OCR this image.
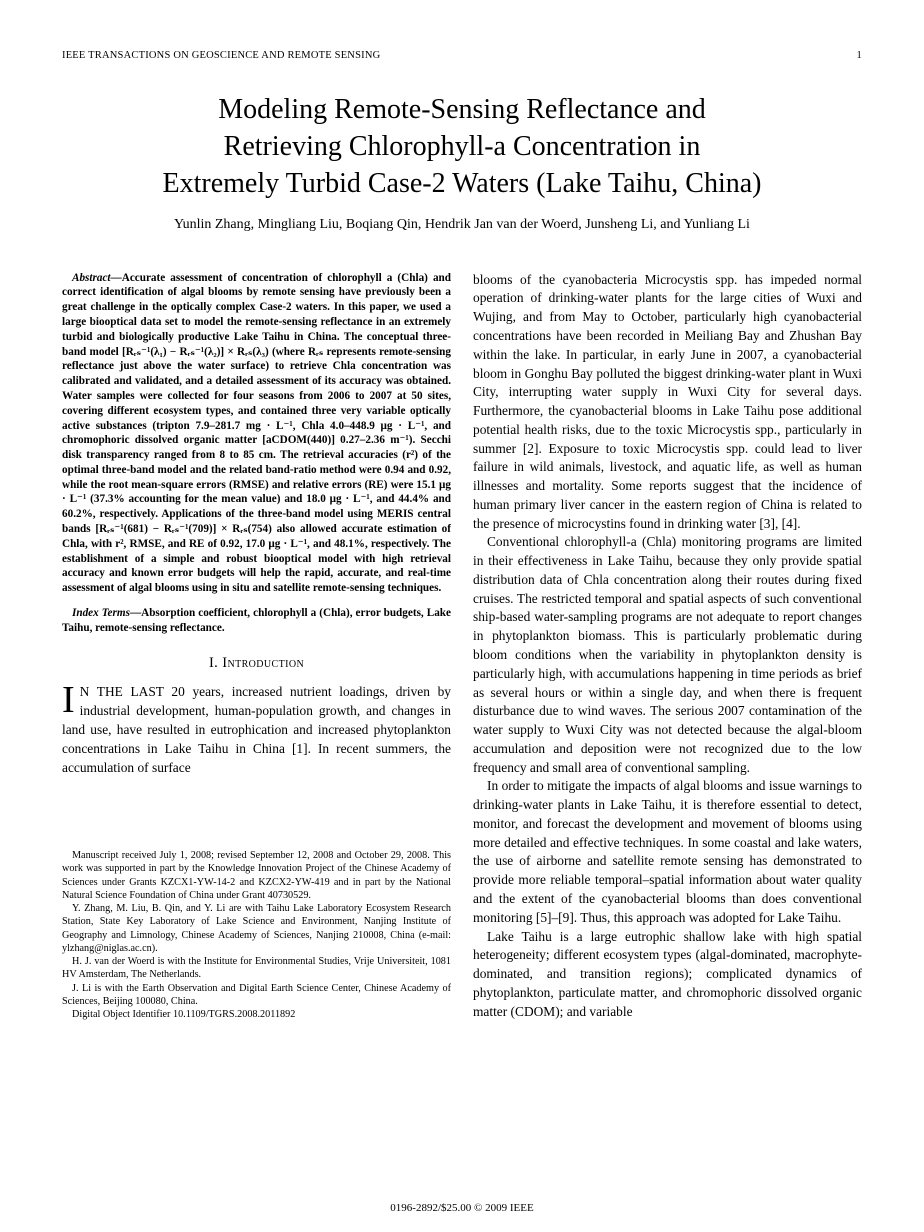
IEEE TRANSACTIONS ON GEOSCIENCE AND REMOTE SENSING	1
Modeling Remote-Sensing Reflectance and
Retrieving Chlorophyll-a Concentration in
Extremely Turbid Case-2 Waters (Lake Taihu, China)
Yunlin Zhang, Mingliang Liu, Boqiang Qin, Hendrik Jan van der Woerd, Junsheng Li, and Yunliang Li

Abstract—Accurate assessment of concentration of chlorophyll a (Chla) and correct identification of algal blooms by remote sensing have previously been a great challenge in the optically complex Case-2 waters. In this paper, we used a large biooptical data set to model the remote-sensing reflectance in an extremely turbid and biologically productive Lake Taihu in China. The conceptual three-band model [Rᵣₛ⁻¹(λ₁) − Rᵣₛ⁻¹(λ₂)] × Rᵣₛ(λ₃) (where Rᵣₛ represents remote-sensing reflectance just above the water surface) to retrieve Chla concentration was calibrated and validated, and a detailed assessment of its accuracy was obtained. Water samples were collected for four seasons from 2006 to 2007 at 50 sites, covering different ecosystem types, and contained three very variable optically active substances (tripton 7.9–281.7 mg · L⁻¹, Chla 4.0–448.9 μg · L⁻¹, and chromophoric dissolved organic matter [aCDOM(440)] 0.27–2.36 m⁻¹). Secchi disk transparency ranged from 8 to 85 cm. The retrieval accuracies (r²) of the optimal three-band model and the related band-ratio method were 0.94 and 0.92, while the root mean-square errors (RMSE) and relative errors (RE) were 15.1 μg · L⁻¹ (37.3% accounting for the mean value) and 18.0 μg · L⁻¹, and 44.4% and 60.2%, respectively. Applications of the three-band model using MERIS central bands [Rᵣₛ⁻¹(681) − Rᵣₛ⁻¹(709)] × Rᵣₛ(754) also allowed accurate estimation of Chla, with r², RMSE, and RE of 0.92, 17.0 μg · L⁻¹, and 48.1%, respectively. The establishment of a simple and robust biooptical model with high retrieval accuracy and known error budgets will help the rapid, accurate, and real-time assessment of algal blooms using in situ and satellite remote-sensing techniques.

Index Terms—Absorption coefficient, chlorophyll a (Chla), error budgets, Lake Taihu, remote-sensing reflectance.

I. Introduction

I N THE LAST 20 years, increased nutrient loadings, driven by industrial development, human-population growth, and changes in land use, have resulted in eutrophication and increased phytoplankton concentrations in Lake Taihu in China [1]. In recent summers, the accumulation of surface

Manuscript received July 1, 2008; revised September 12, 2008 and October 29, 2008. This work was supported in part by the Knowledge Innovation Project of the Chinese Academy of Sciences under Grants KZCX1-YW-14-2 and KZCX2-YW-419 and in part by the National Natural Science Foundation of China under Grant 40730529.

Y. Zhang, M. Liu, B. Qin, and Y. Li are with Taihu Lake Laboratory Ecosystem Research Station, State Key Laboratory of Lake Science and Environment, Nanjing Institute of Geography and Limnology, Chinese Academy of Sciences, Nanjing 210008, China (e-mail: ylzhang@niglas.ac.cn).

H. J. van der Woerd is with the Institute for Environmental Studies, Vrije Universiteit, 1081 HV Amsterdam, The Netherlands.

J. Li is with the Earth Observation and Digital Earth Science Center, Chinese Academy of Sciences, Beijing 100080, China.

Digital Object Identifier 10.1109/TGRS.2008.2011892

blooms of the cyanobacteria Microcystis spp. has impeded normal operation of drinking-water plants for the large cities of Wuxi and Wujing, and from May to October, particularly high cyanobacterial concentrations have been recorded in Meiliang Bay and Zhushan Bay within the lake. In particular, in early June in 2007, a cyanobacterial bloom in Gonghu Bay polluted the biggest drinking-water plant in Wuxi City, interrupting water supply in Wuxi City for several days. Furthermore, the cyanobacterial blooms in Lake Taihu pose additional potential health risks, due to the toxic Microcystis spp., particularly in summer [2]. Exposure to toxic Microcystis spp. could lead to liver failure in wild animals, livestock, and aquatic life, as well as human illnesses and mortality. Some reports suggest that the incidence of human primary liver cancer in the eastern region of China is related to the presence of microcystins found in drinking water [3], [4].

Conventional chlorophyll-a (Chla) monitoring programs are limited in their effectiveness in Lake Taihu, because they only provide spatial distribution data of Chla concentration along their routes during fixed cruises. The restricted temporal and spatial aspects of such conventional ship-based water-sampling programs are not adequate to report changes in phytoplankton biomass. This is particularly problematic during bloom conditions when the variability in phytoplankton density is particularly high, with accumulations happening in time periods as brief as several hours or within a single day, and when there is frequent disturbance due to wind waves. The serious 2007 contamination of the water supply to Wuxi City was not detected because the algal-bloom accumulation and deposition were not recognized due to the low frequency and small area of conventional sampling.

In order to mitigate the impacts of algal blooms and issue warnings to drinking-water plants in Lake Taihu, it is therefore essential to detect, monitor, and forecast the development and movement of blooms using more detailed and effective techniques. In some coastal and lake waters, the use of airborne and satellite remote sensing has demonstrated to provide more reliable temporal–spatial information about water quality and the extent of the cyanobacterial blooms than does conventional monitoring [5]–[9]. Thus, this approach was adopted for Lake Taihu.

Lake Taihu is a large eutrophic shallow lake with high spatial heterogeneity; different ecosystem types (algal-dominated, macrophyte-dominated, and transition regions); complicated dynamics of phytoplankton, particulate matter, and chromophoric dissolved organic matter (CDOM); and variable

0196-2892/$25.00 © 2009 IEEE
